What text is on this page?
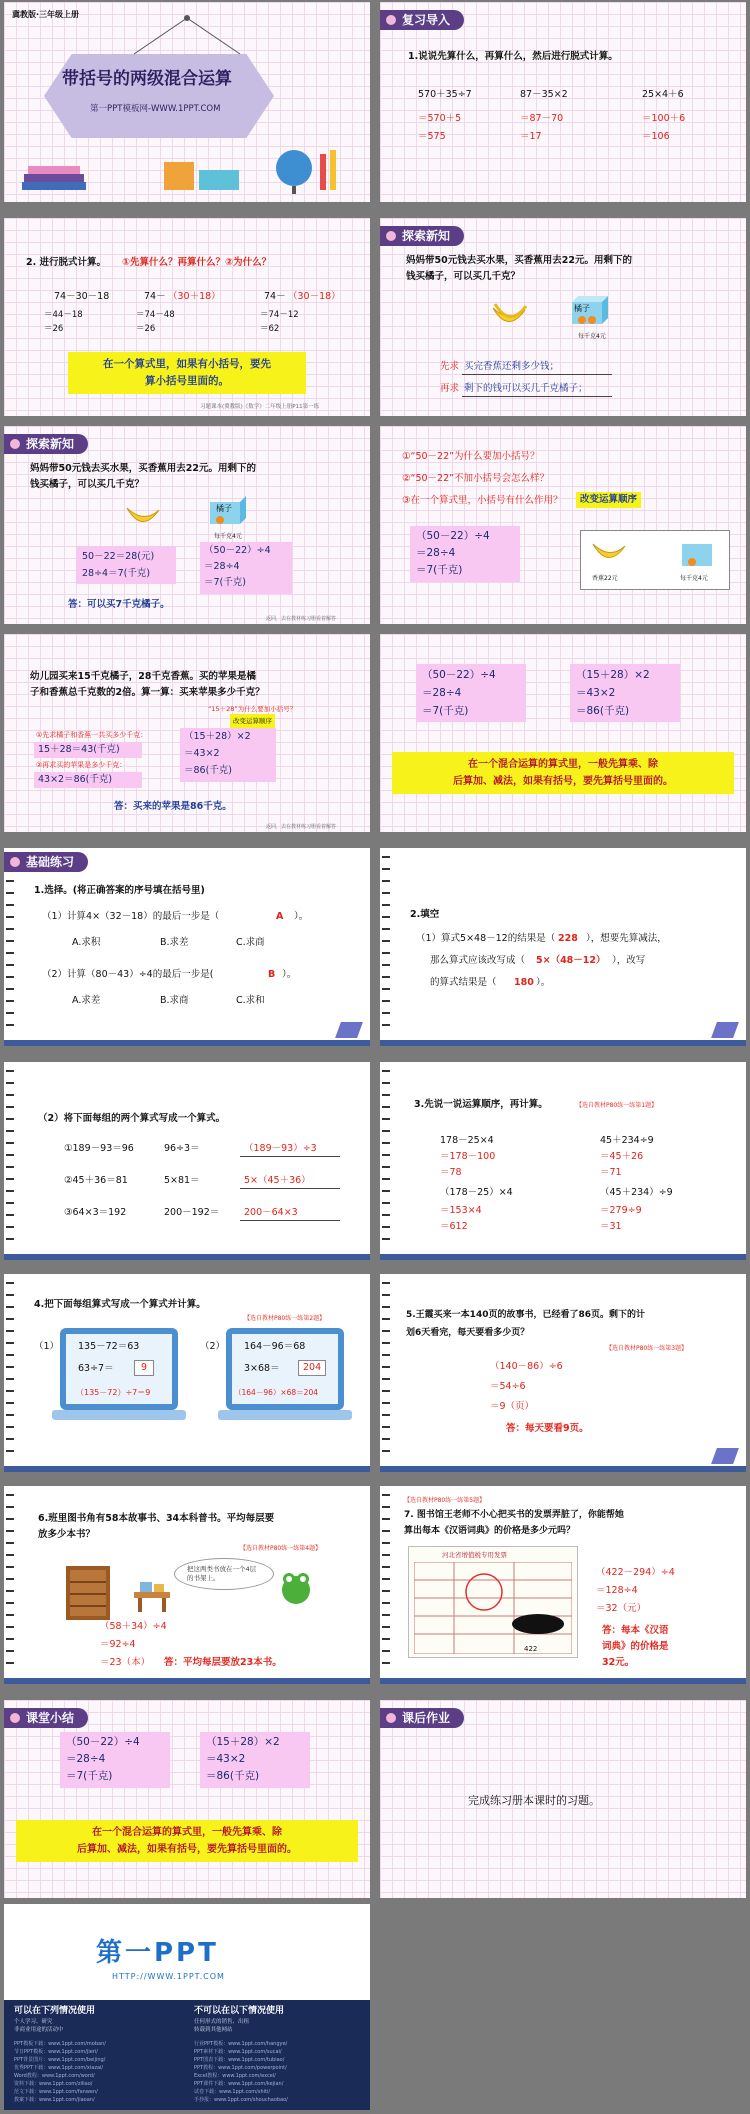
冀教版·三年级上册
带括号的两级混合运算
第一PPT模板网-WWW.1PPT.COM
复习导入
1.说说先算什么，再算什么，然后进行脱式计算。
570＋35÷7
＝570＋5
＝575
87－35×2
＝87－70
＝17
25×4＋6
＝100＋6
＝106
2. 进行脱式计算。 ①先算什么？再算什么？②为什么？
74－30－18
＝44－18
＝26
74－ （30＋18）
＝74－48
＝26
74－ （30－18）
＝74－12
＝62
在一个算式里，如果有小括号，要先
算小括号里面的。
习题课本(冀教版)《数学》二年级上册P11第一练
探索新知
妈妈带50元钱去买水果，买香蕉用去22元。用剩下的
钱买橘子，可以买几千克？
橘子
每千克4元
先求 买完香蕉还剩多少钱；
再求 剩下的钱可以买几千克橘子；
探索新知
妈妈带50元钱去买水果，买香蕉用去22元。用剩下的
钱买橘子，可以买几千克？
橘子
每千克4元
50－22＝28(元)
28÷4＝7(千克)
（50－22）÷4
＝28÷4
＝7(千克)
答：可以买7千克橘子。
返回，去在教材练习册看着解答
①“50－22”为什么要加小括号？
②“50－22”不加小括号会怎么样？
③在一个算式里，小括号有什么作用？	改变运算顺序
（50－22）÷4
＝28÷4
＝7(千克)
香蕉22元	每千克4元
幼儿园买来15千克橘子，28千克香蕉。买的苹果是橘
子和香蕉总千克数的2倍。算一算：买来苹果多少千克？
“15＋28”为什么要加小括号？
改变运算顺序
①先求橘子和香蕉一共买多少千克：
15＋28＝43(千克)
②再求买的苹果是多少千克：
43×2＝86(千克)
（15＋28）×2
＝43×2
＝86(千克)
答：买来的苹果是86千克。
返回，去在教材练习册看着解答
（50－22）÷4
＝28÷4
＝7(千克)
（15＋28）×2
＝43×2
＝86(千克)
在一个混合运算的算式里，一般先算乘、除
后算加、减法，如果有括号，要先算括号里面的。
基础练习
1.选择。(将正确答案的序号填在括号里)
（1）计算4×（32－18）的最后一步是（	A ）。
A.求积	B.求差	C.求商
（2）计算（80－43）÷4的最后一步是(	B ）。
A.求差	B.求商	C.求和
2.填空
（1）算式5×48－12的结果是（ 228 ），想要先算减法，
那么算式应该改写成（ 5×（48－12） ），改写
的算式结果是（ 180 ）。
（2）将下面每组的两个算式写成一个算式。
①189－93＝96	96÷3＝	（189－93）÷3
②45＋36＝81	5×81＝	5×（45＋36）
③64×3＝192	200－192＝	200－64×3
3.先说一说运算顺序，再计算。	【选自教材P80练一练第1题】
178－25×4
＝178－100
＝78
45＋234÷9
＝45＋26
＝71
（178－25）×4
＝153×4
＝612
（45＋234）÷9
＝279÷9
＝31
4.把下面每组算式写成一个算式并计算。
【选自教材P80练一练第2题】
（1） 135－72＝63
63÷7＝	9
（135－72）÷7＝9
（2） 164－96＝68
3×68＝	204
（164－96）×68＝204
5.王霞买来一本140页的故事书，已经看了86页。剩下的计
划6天看完，每天要看多少页？
【选自教材P80练一练第3题】
（140－86）÷6
＝54÷6
＝9（页）
答：每天要看9页。
6.班里图书角有58本故事书、34本科普书。平均每层要
放多少本书？
【选自教材P80练一练第4题】
把这两类书放在一个4层的书架上。
（58＋34）÷4
＝92÷4
＝23（本） 答：平均每层要放23本书。
【选自教材P80练一练第5题】
7. 图书馆王老师不小心把买书的发票弄脏了，你能帮她
算出每本《汉语词典》的价格是多少元吗？
河北省增值税专用发票
422
（422－294）÷4
＝128÷4
＝32（元）
答：每本《汉语
词典》的价格是
32元。
课堂小结
（50－22）÷4
＝28÷4
＝7(千克)
（15＋28）×2
＝43×2
＝86(千克)
在一个混合运算的算式里，一般先算乘、除
后算加、减法，如果有括号，要先算括号里面的。
课后作业
完成练习册本课时的习题。
第一PPT
HTTP://WWW.1PPT.COM
可以在下列情况使用	不可以在以下情况使用
个人学习、研究
非商业用途的活动中
任何形式的销售、出租
转载到其他网站
PPT模板下载：www.1ppt.com/moban/
节日PPT模板：www.1ppt.com/jieri/
PPT背景图片：www.1ppt.com/beijing/
优秀PPT下载：www.1ppt.com/xiazai/
Word教程：www.1ppt.com/word/
资料下载：www.1ppt.com/ziliao/
范文下载：www.1ppt.com/fanwen/
教案下载：www.1ppt.com/jiaoan/
行业PPT模板：www.1ppt.com/hangye/
PPT素材下载：www.1ppt.com/sucai/
PPT图表下载：www.1ppt.com/tubiao/
PPT教程：www.1ppt.com/powerpoint/
Excel教程：www.1ppt.com/excel/
PPT课件下载：www.1ppt.com/kejian/
试卷下载：www.1ppt.com/shiti/
手抄报：www.1ppt.com/shouchaobao/
